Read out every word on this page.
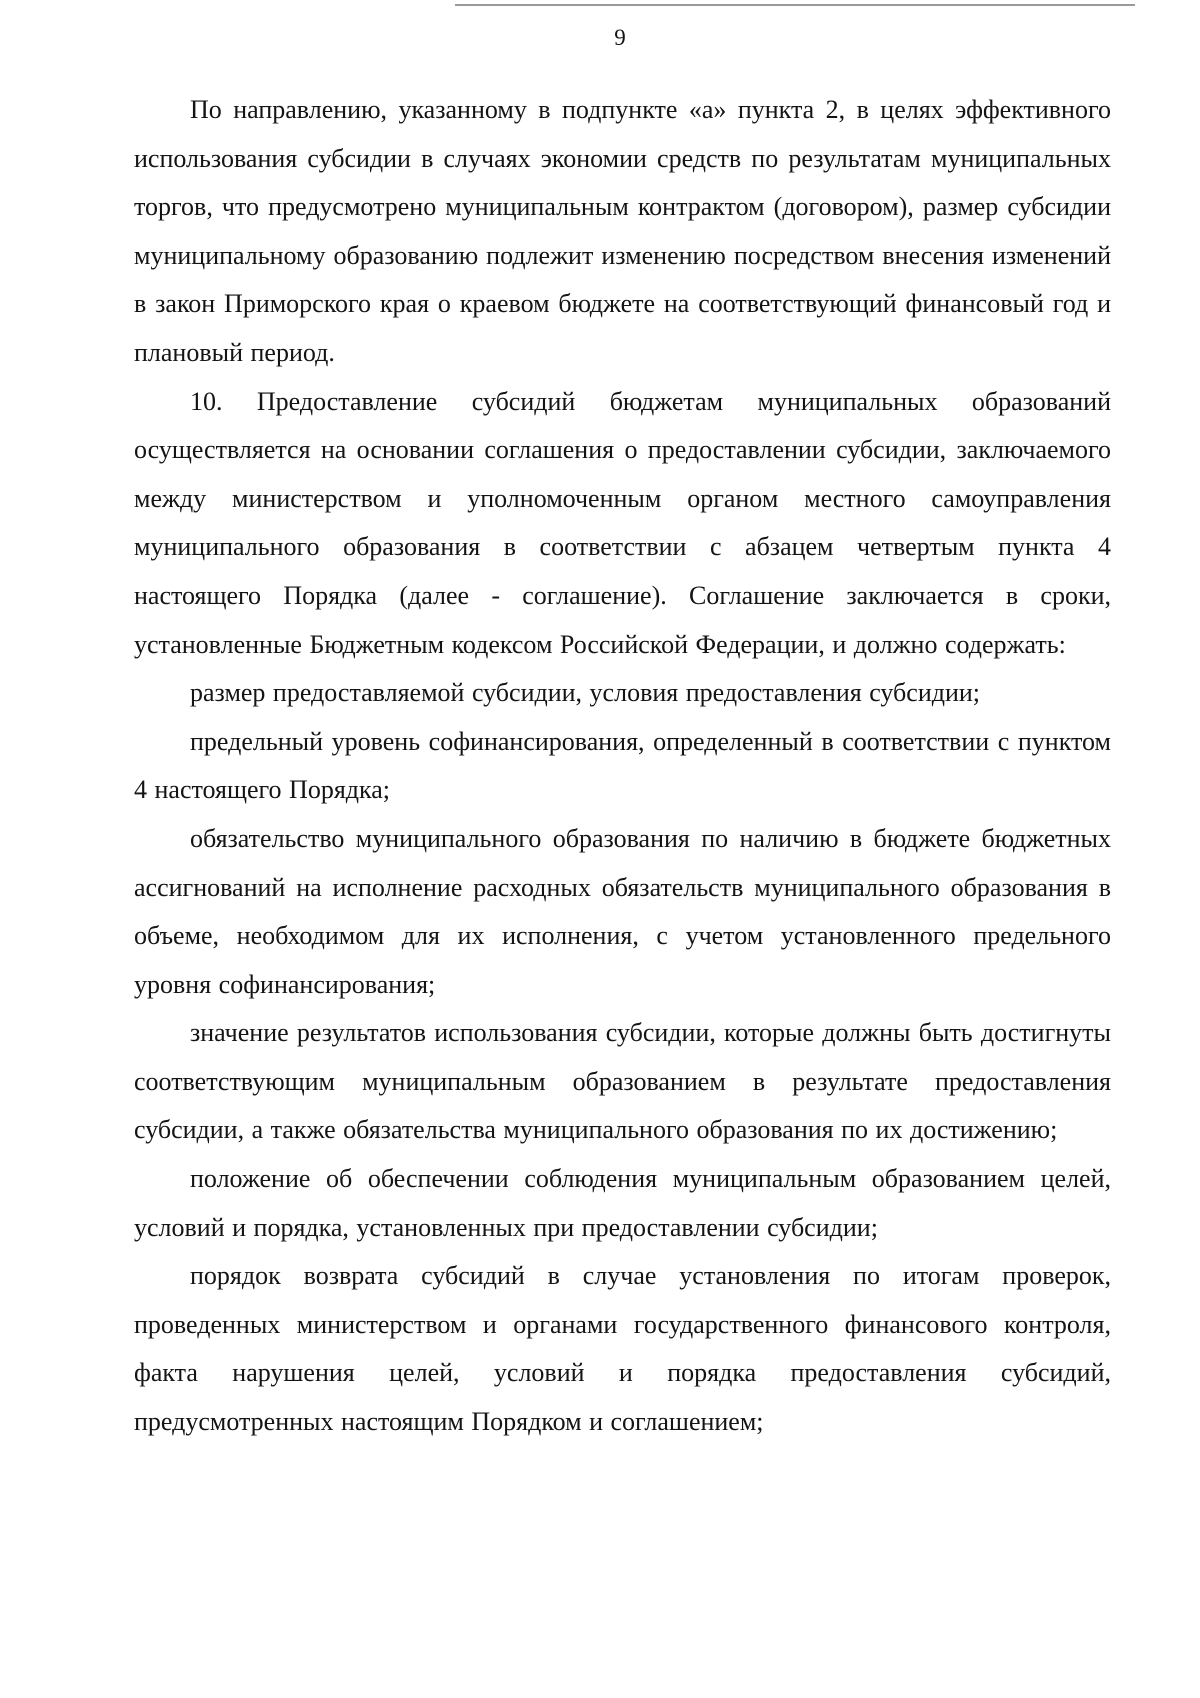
9

По направлению, указанному в подпункте «а» пункта 2, в целях эффективного использования субсидии в случаях экономии средств по результатам муниципальных торгов, что предусмотрено муниципальным контрактом (договором), размер субсидии муниципальному образованию подлежит изменению посредством внесения изменений в закон Приморского края о краевом бюджете на соответствующий финансовый год и плановый период.

10. Предоставление субсидий бюджетам муниципальных образований осуществляется на основании соглашения о предоставлении субсидии, заключаемого между министерством и уполномоченным органом местного самоуправления муниципального образования в соответствии с абзацем четвертым пункта 4 настоящего Порядка (далее - соглашение). Соглашение заключается в сроки, установленные Бюджетным кодексом Российской Федерации, и должно содержать:

размер предоставляемой субсидии, условия предоставления субсидии;

предельный уровень софинансирования, определенный в соответствии с пунктом 4 настоящего Порядка;

обязательство муниципального образования по наличию в бюджете бюджетных ассигнований на исполнение расходных обязательств муниципального образования в объеме, необходимом для их исполнения, с учетом установленного предельного уровня софинансирования;

значение результатов использования субсидии, которые должны быть достигнуты соответствующим муниципальным образованием в результате предоставления субсидии, а также обязательства муниципального образования по их достижению;

положение об обеспечении соблюдения муниципальным образованием целей, условий и порядка, установленных при предоставлении субсидии;

порядок возврата субсидий в случае установления по итогам проверок, проведенных министерством и органами государственного финансового контроля, факта нарушения целей, условий и порядка предоставления субсидий, предусмотренных настоящим Порядком и соглашением;
